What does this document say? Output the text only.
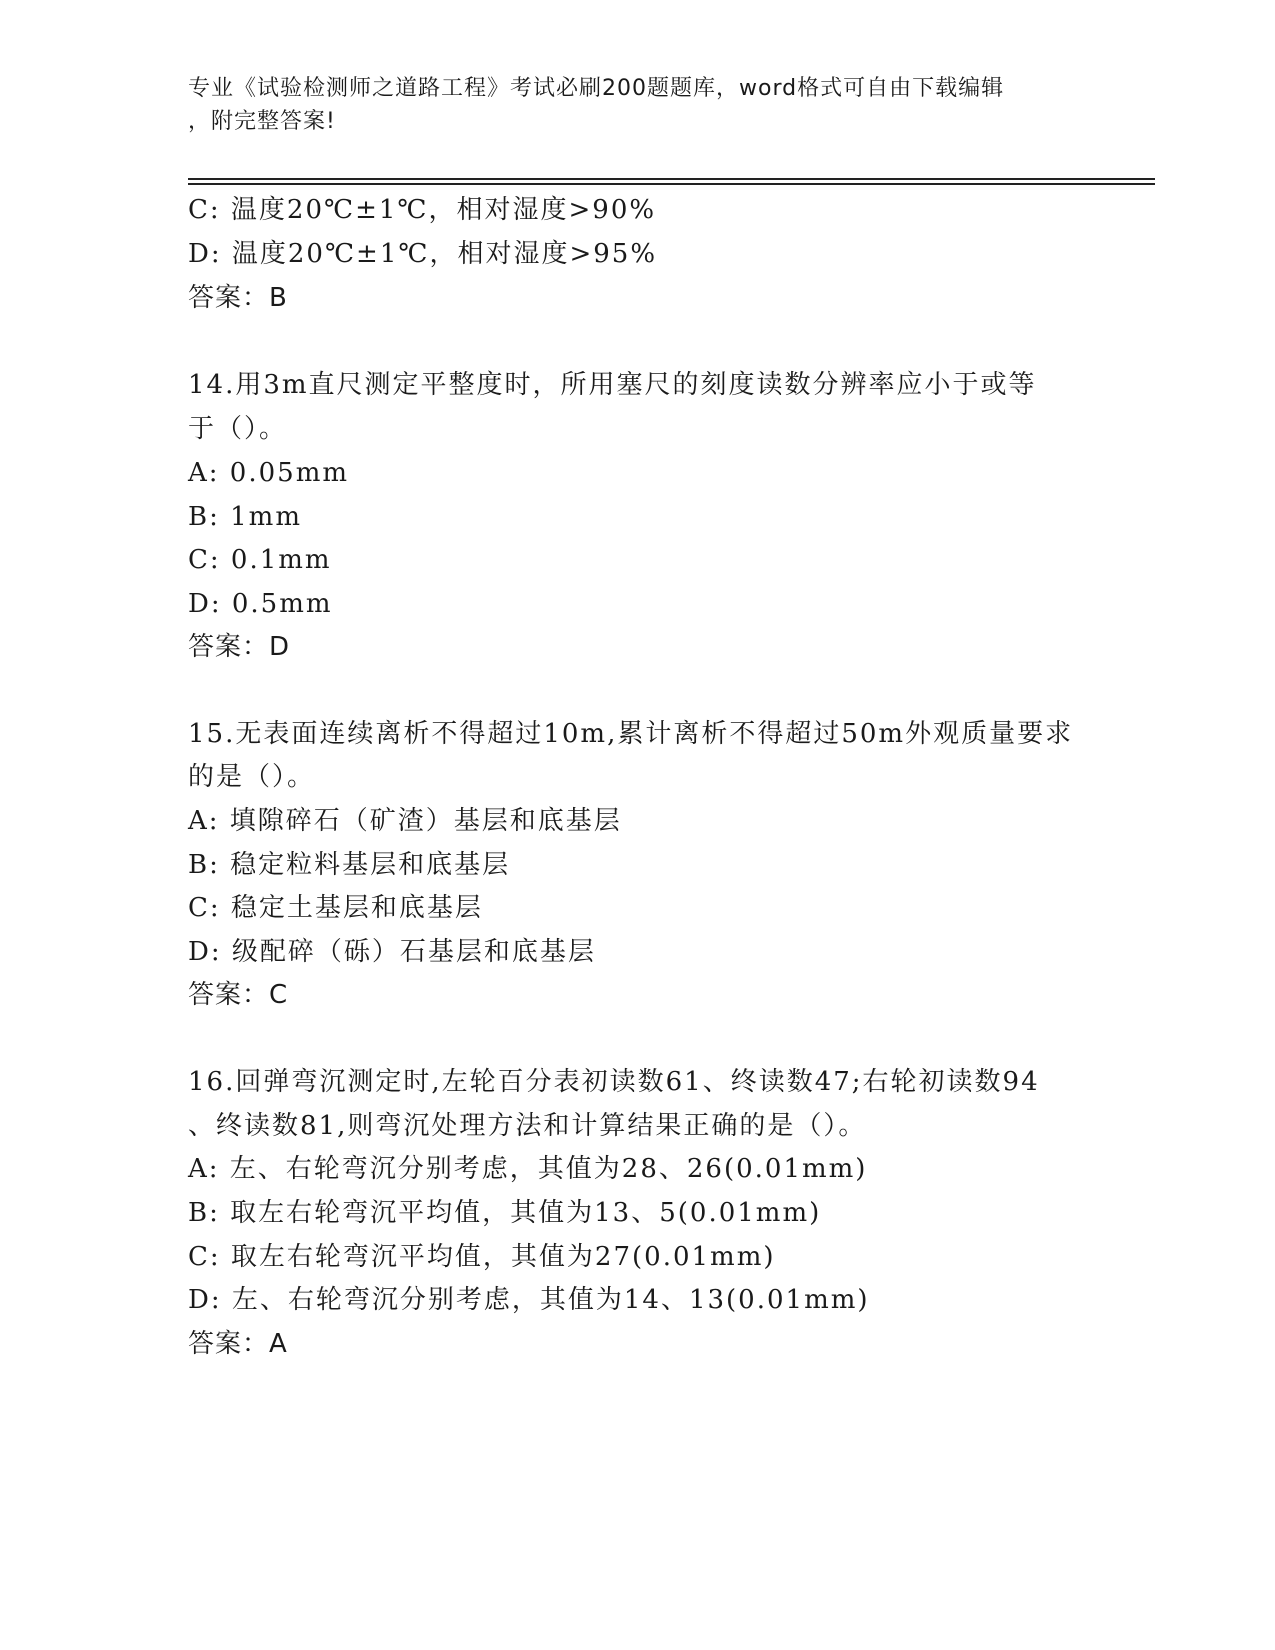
专业《试验检测师之道路工程》考试必刷200题题库，word格式可自由下载编辑
，附完整答案!
C: 温度20℃±1℃，相对湿度>90%
D: 温度20℃±1℃，相对湿度>95%
答案：B
14.用3m直尺测定平整度时，所用塞尺的刻度读数分辨率应小于或等
于（）。
A: 0.05mm
B: 1mm
C: 0.1mm
D: 0.5mm
答案：D
15.无表面连续离析不得超过10m,累计离析不得超过50m外观质量要求
的是（）。
A: 填隙碎石（矿渣）基层和底基层
B: 稳定粒料基层和底基层
C: 稳定土基层和底基层
D: 级配碎（砾）石基层和底基层
答案：C
16.回弹弯沉测定时,左轮百分表初读数61、终读数47;右轮初读数94
、终读数81,则弯沉处理方法和计算结果正确的是（）。
A: 左、右轮弯沉分别考虑，其值为28、26(0.01mm)
B: 取左右轮弯沉平均值，其值为13、5(0.01mm)
C: 取左右轮弯沉平均值，其值为27(0.01mm)
D: 左、右轮弯沉分别考虑，其值为14、13(0.01mm)
答案：A
